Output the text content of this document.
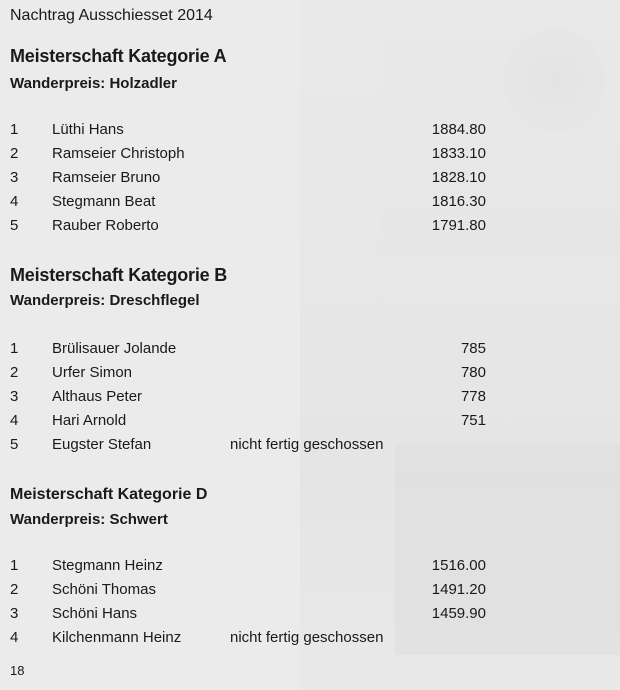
Nachtrag Ausschiesset 2014
Meisterschaft Kategorie A
Wanderpreis: Holzadler
1 Lüthi Hans	1884.80
2 Ramseier Christoph	1833.10
3 Ramseier Bruno	1828.10
4 Stegmann Beat	1816.30
5 Rauber Roberto	1791.80
Meisterschaft Kategorie B
Wanderpreis: Dreschflegel
1 Brülisauer Jolande	785
2 Urfer Simon	780
3 Althaus Peter	778
4 Hari Arnold	751
5 Eugster Stefan	nicht fertig geschossen
Meisterschaft Kategorie D
Wanderpreis: Schwert
1 Stegmann Heinz	1516.00
2 Schöni Thomas	1491.20
3 Schöni Hans	1459.90
4 Kilchenmann Heinz	nicht fertig geschossen
18
